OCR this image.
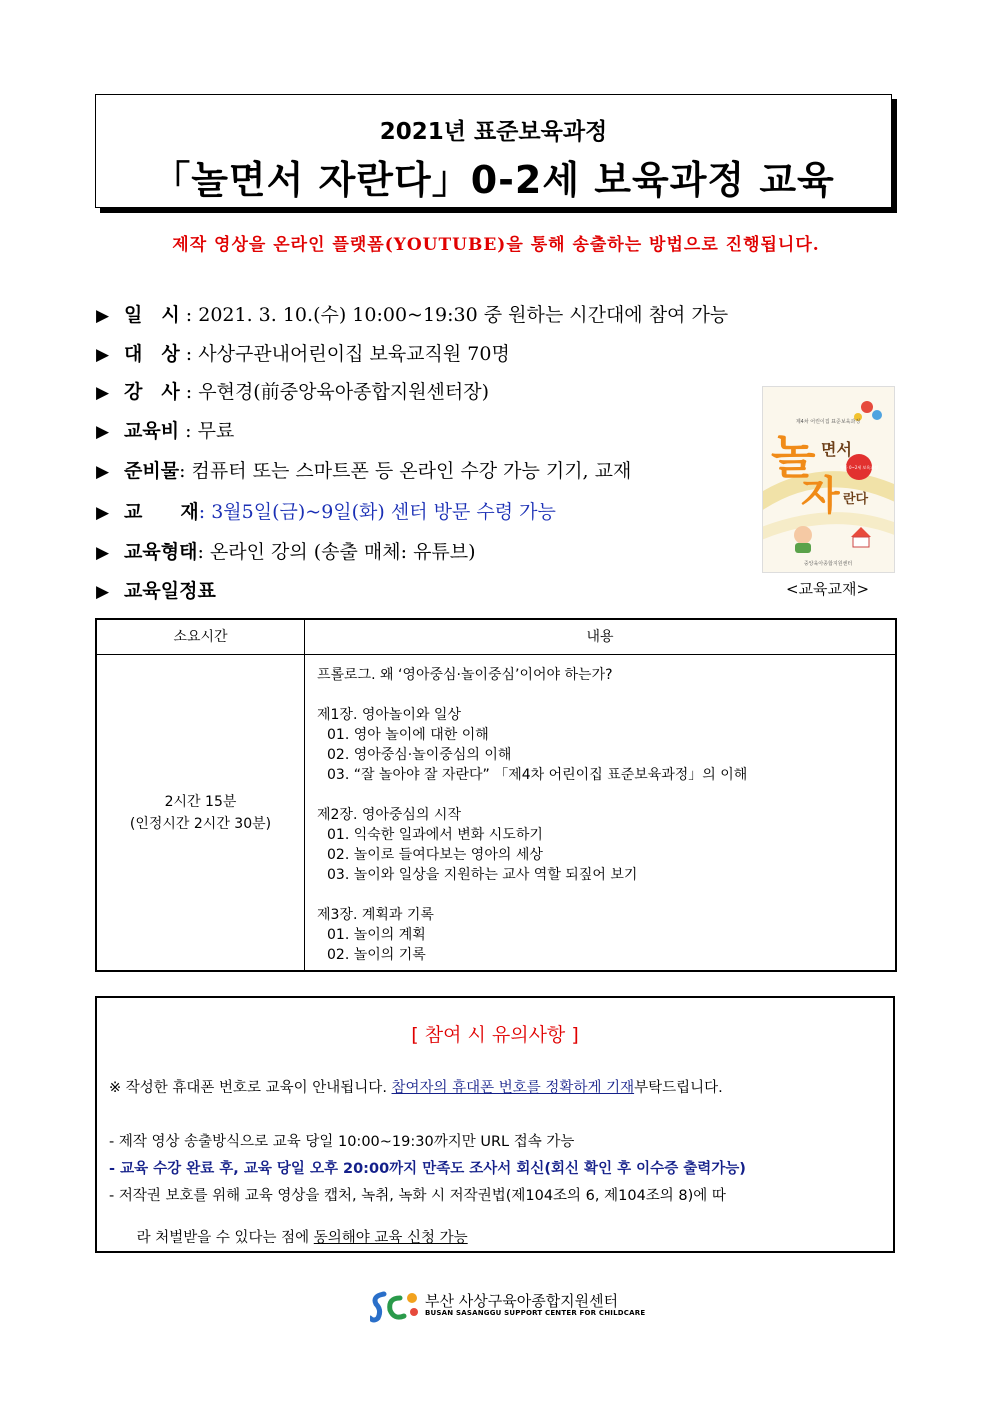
2021년 표준보육과정
「놀면서 자란다」0-2세 보육과정 교육
제작 영상을 온라인 플랫폼(YOUTUBE)을 통해 송출하는 방법으로 진행됩니다.
▶ 일　시 : 2021. 3. 10.(수) 10:00~19:30 중 원하는 시간대에 참여 가능
▶ 대　상 : 사상구관내어린이집 보육교직원 70명
▶ 강　사 : 우현경(前중앙육아종합지원센터장)
▶ 교육비 : 무료
▶ 준비물: 컴퓨터 또는 스마트폰 등 온라인 수강 가능 기기, 교재
▶ 교　　재: 3월5일(금)~9일(화) 센터 방문 수령 가능
▶ 교육형태: 온라인 강의 (송출 매체: 유튜브)
▶ 교육일정표
제4차 어린이집 표준보육과정
놀 면서
자 란다
영아 0~2세 보육과정
중앙육아종합지원센터
<교육교재>
소요시간	내용
2시간 15분
(인정시간 2시간 30분)
프롤로그. 왜 ‘영아중심·놀이중심’이어야 하는가?
제1장. 영아놀이와 일상
01. 영아 놀이에 대한 이해
02. 영아중심·놀이중심의 이해
03. “잘 놀아야 잘 자란다” 「제4차 어린이집 표준보육과정」의 이해
제2장. 영아중심의 시작
01. 익숙한 일과에서 변화 시도하기
02. 놀이로 들여다보는 영아의 세상
03. 놀이와 일상을 지원하는 교사 역할 되짚어 보기
제3장. 계획과 기록
01. 놀이의 계획
02. 놀이의 기록
[ 참여 시 유의사항 ]
※ 작성한 휴대폰 번호로 교육이 안내됩니다. 참여자의 휴대폰 번호를 정확하게 기재부탁드립니다.
- 제작 영상 송출방식으로 교육 당일 10:00~19:30까지만 URL 접속 가능
- 교육 수강 완료 후, 교육 당일 오후 20:00까지 만족도 조사서 회신(회신 확인 후 이수증 출력가능)
- 저작권 보호를 위해 교육 영상을 캡처, 녹취, 녹화 시 저작권법(제104조의 6, 제104조의 8)에 따

라 처벌받을 수 있다는 점에 동의해야 교육 신청 가능

부산 사상구육아종합지원센터
BUSAN SASANGGU SUPPORT CENTER FOR CHILDCARE
